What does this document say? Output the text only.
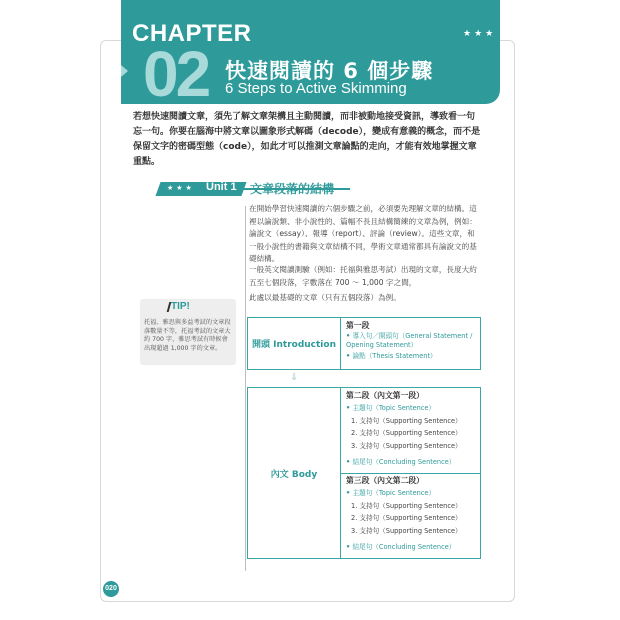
CHAPTER	★★★
02 快速閱讀的 6 個步驟
6 Steps to Active Skimming
若想快速閱讀文章，須先了解文章架構且主動閱讀，而非被動地接受資訊，導致看一句忘一句。你要在腦海中將文章以圖象形式解碼（decode），變成有意義的概念，而不是保留文字的密碼型態（code），如此才可以推測文章論點的走向，才能有效地掌握文章重點。
★★★ Unit 1 文章段落的結構
在開始學習快速閱讀的六個步驟之前，必須要先理解文章的結構。這裡以論說類、非小說性的、篇幅不長且結構簡練的文章為例，例如：論說文（essay）、報導（report）、評論（review）。這些文章，和一般小說性的書籍與文章結構不同，學術文章通常都具有論說文的基礎結構。
一般英文閱讀測驗（例如：托福與雅思考試）出現的文章，長度大約五至七個段落，字數落在 700 ～ 1,000 字之間，
此處以最基礎的文章（只有五個段落）為例。
TIP!
托福、雅思與多益考試的文章段落數量不等，托福考試的文章大約 700 字，雅思考試有時候會出現超過 1,000 字的文章。	開頭 Introduction
第一段
• 導入句／開頭句（General Statement / Opening Statement）
• 論點（Thesis Statement）
⇓
內文 Body
第二段（內文第一段）
• 主題句（Topic Sentence）
1. 支持句（Supporting Sentence）
2. 支持句（Supporting Sentence）
3. 支持句（Supporting Sentence）
• 結尾句（Concluding Sentence）
第三段（內文第二段）
• 主題句（Topic Sentence）
1. 支持句（Supporting Sentence）
2. 支持句（Supporting Sentence）
3. 支持句（Supporting Sentence）
• 結尾句（Concluding Sentence）
020
